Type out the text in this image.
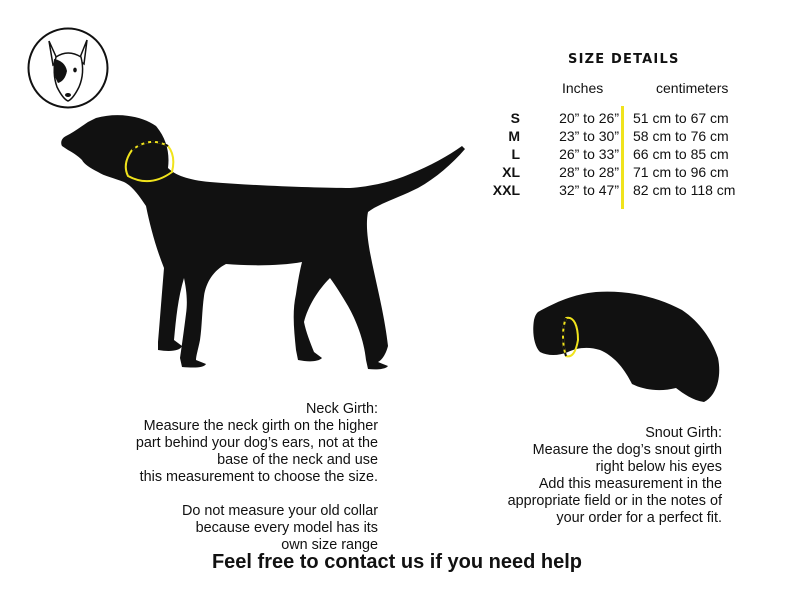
SIZE DETAILS
Inches	centimeters
S	20” to 26”	51 cm to 67 cm
M	23” to 30”	58 cm to 76 cm
L	26” to 33”	66 cm to 85 cm
XL	28” to 28”	71 cm to 96 cm
XXL	32” to 47”	82 cm to 118 cm
Neck Girth:
Measure the neck girth on the higher
part behind your dog’s ears, not at the
base of the neck and use
this measurement to choose the size.
Do not measure your old collar
because every model has its
own size range
Snout Girth:
Measure the dog’s snout girth
right below his eyes
Add this measurement in the
appropriate field or in the notes of
your order for a perfect fit.
Feel free to contact us if you need help
